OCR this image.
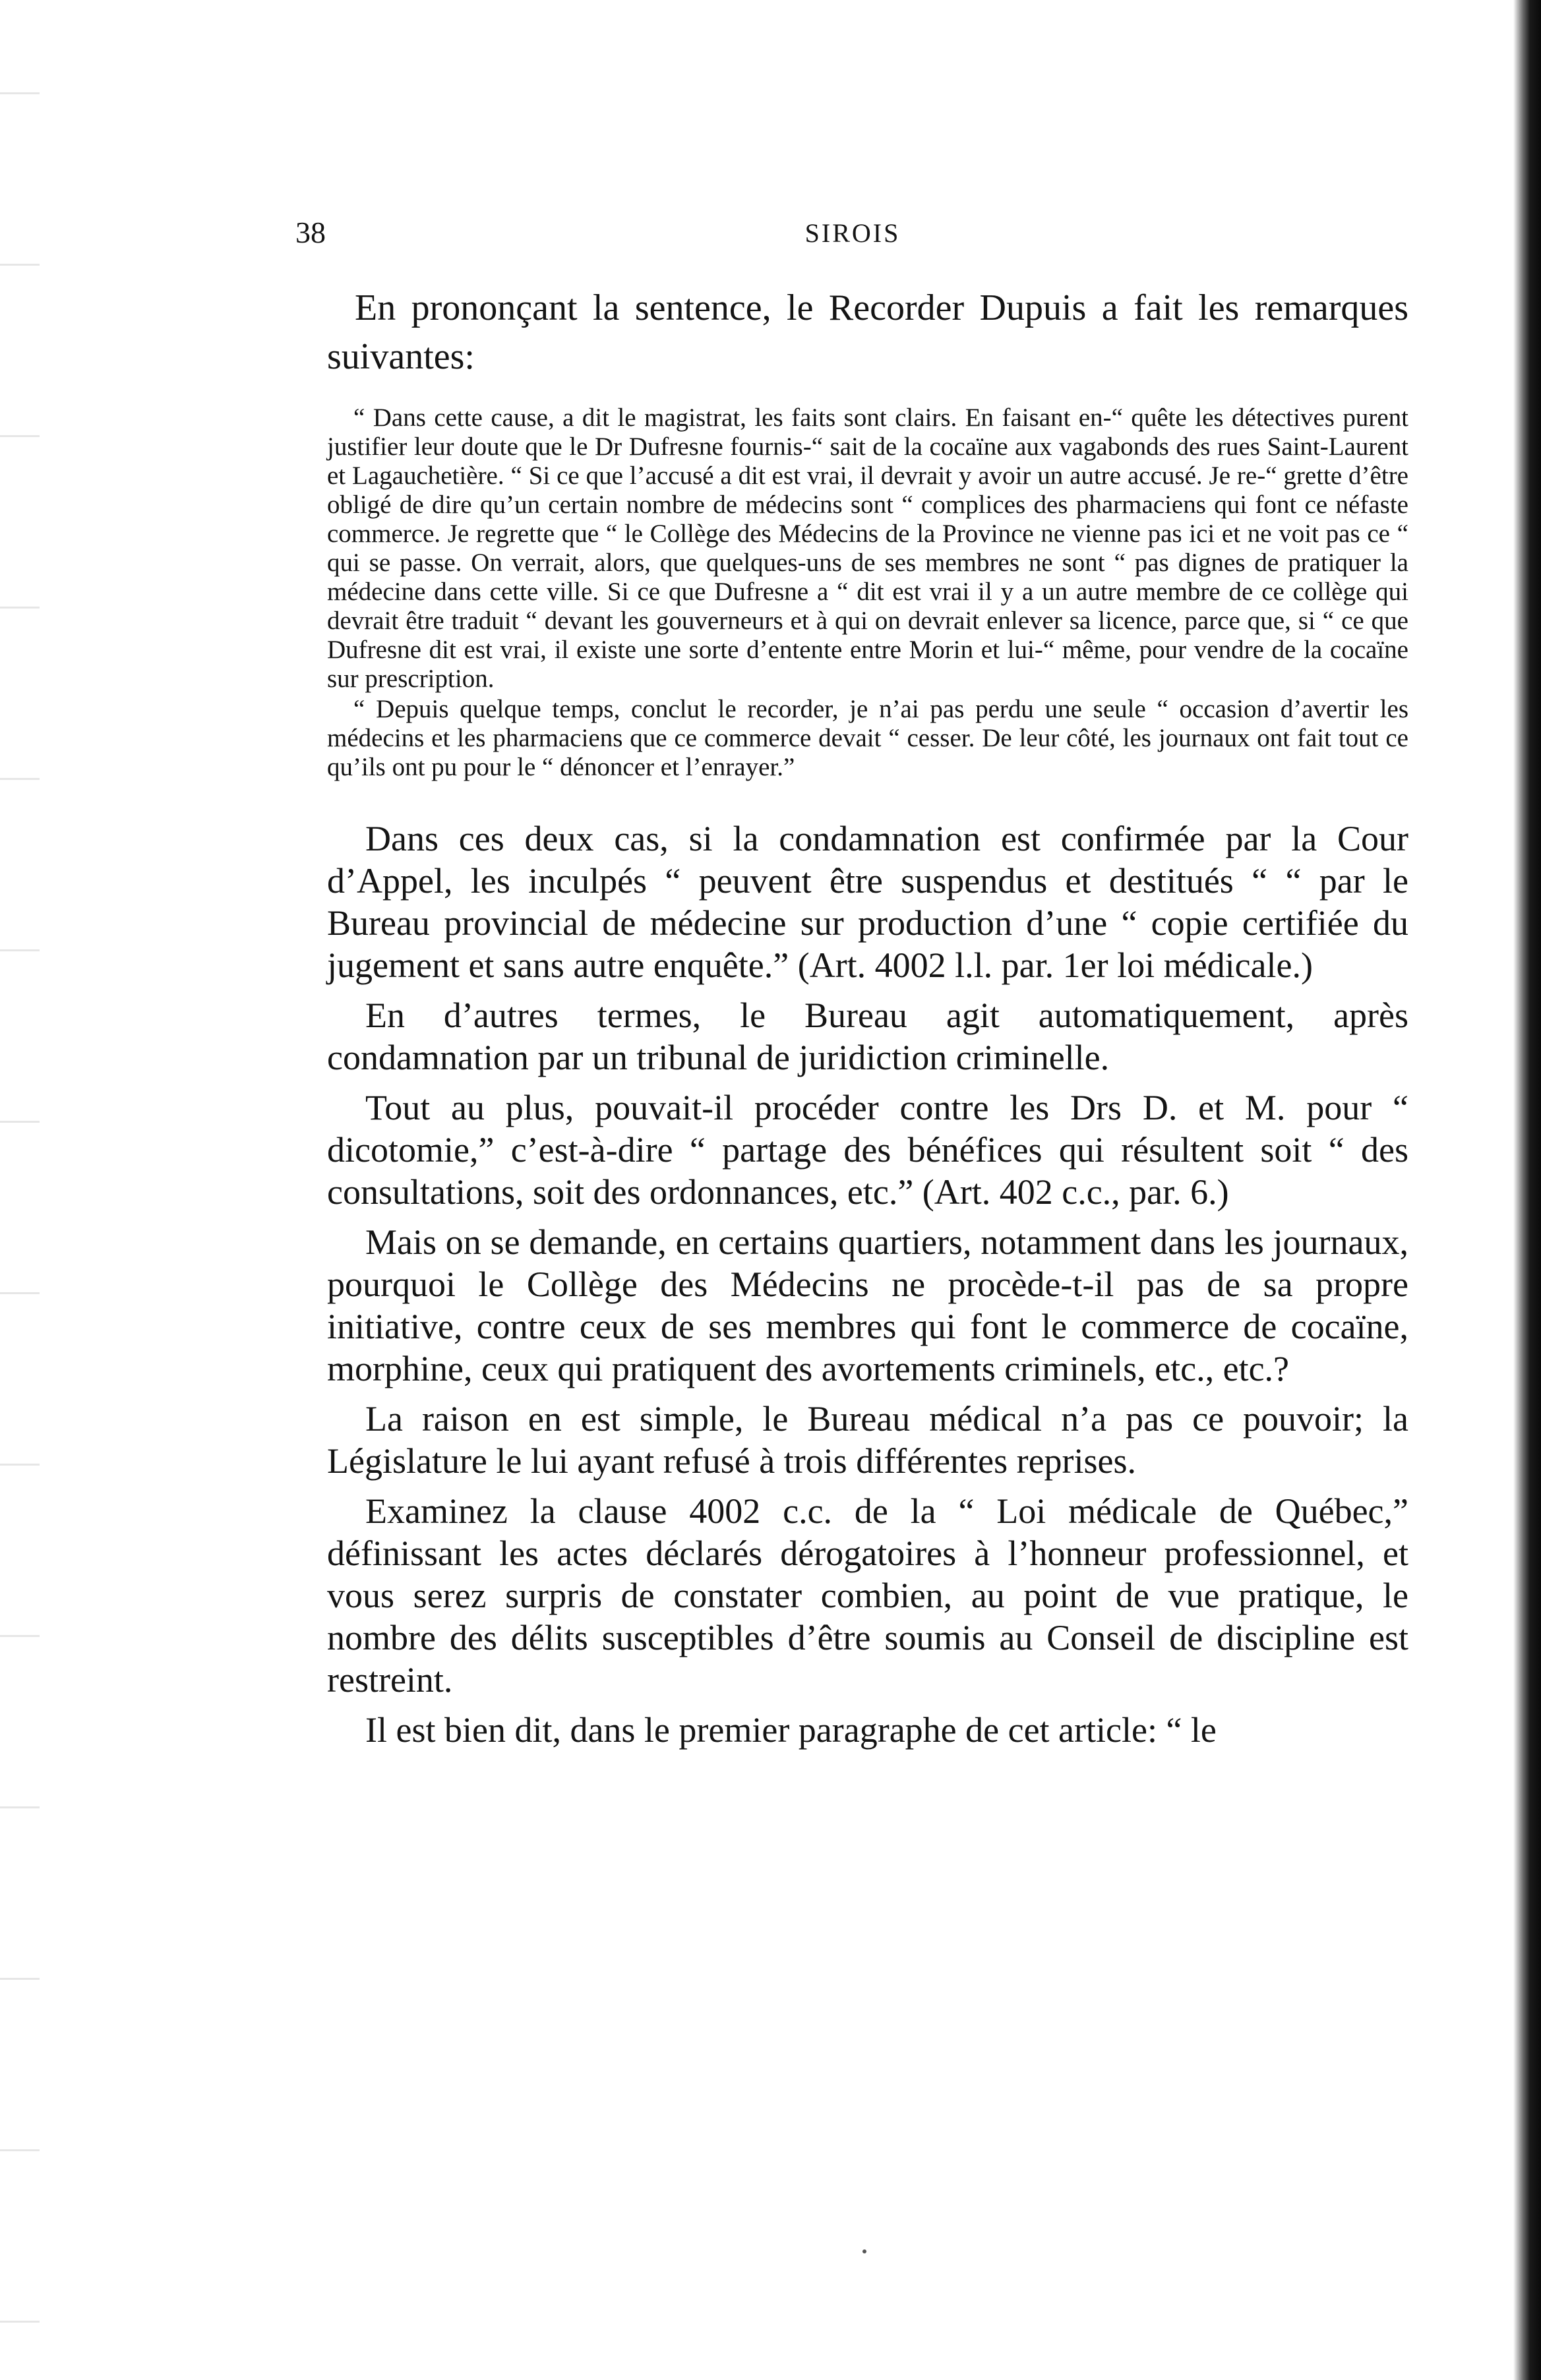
38	SIROIS

En prononçant la sentence, le Recorder Dupuis a fait les remarques suivantes:

“ Dans cette cause, a dit le magistrat, les faits sont clairs. En faisant en-“ quête les détectives purent justifier leur doute que le Dr Dufresne fournis-“ sait de la cocaïne aux vagabonds des rues Saint-Laurent et Lagauchetière. “ Si ce que l’accusé a dit est vrai, il devrait y avoir un autre accusé. Je re-“ grette d’être obligé de dire qu’un certain nombre de médecins sont “ complices des pharmaciens qui font ce néfaste commerce. Je regrette que “ le Collège des Médecins de la Province ne vienne pas ici et ne voit pas ce “ qui se passe. On verrait, alors, que quelques-uns de ses membres ne sont “ pas dignes de pratiquer la médecine dans cette ville. Si ce que Dufresne a “ dit est vrai il y a un autre membre de ce collège qui devrait être traduit “ devant les gouverneurs et à qui on devrait enlever sa licence, parce que, si “ ce que Dufresne dit est vrai, il existe une sorte d’entente entre Morin et lui-“ même, pour vendre de la cocaïne sur prescription.

“ Depuis quelque temps, conclut le recorder, je n’ai pas perdu une seule “ occasion d’avertir les médecins et les pharmaciens que ce commerce devait “ cesser. De leur côté, les journaux ont fait tout ce qu’ils ont pu pour le “ dénoncer et l’enrayer.”

Dans ces deux cas, si la condamnation est confirmée par la Cour d’Appel, les inculpés “ peuvent être suspendus et destitués “ “ par le Bureau provincial de médecine sur production d’une “ copie certifiée du jugement et sans autre enquête.” (Art. 4002 l.l. par. 1er loi médicale.)

En d’autres termes, le Bureau agit automatiquement, après condamnation par un tribunal de juridiction criminelle.

Tout au plus, pouvait-il procéder contre les Drs D. et M. pour “ dicotomie,” c’est-à-dire “ partage des bénéfices qui résultent soit “ des consultations, soit des ordonnances, etc.” (Art. 402 c.c., par. 6.)

Mais on se demande, en certains quartiers, notamment dans les journaux, pourquoi le Collège des Médecins ne procède-t-il pas de sa propre initiative, contre ceux de ses membres qui font le commerce de cocaïne, morphine, ceux qui pratiquent des avortements criminels, etc., etc.?

La raison en est simple, le Bureau médical n’a pas ce pouvoir; la Législature le lui ayant refusé à trois différentes reprises.

Examinez la clause 4002 c.c. de la “ Loi médicale de Québec,” définissant les actes déclarés dérogatoires à l’honneur professionnel, et vous serez surpris de constater combien, au point de vue pratique, le nombre des délits susceptibles d’être soumis au Conseil de discipline est restreint.

Il est bien dit, dans le premier paragraphe de cet article: “ le
